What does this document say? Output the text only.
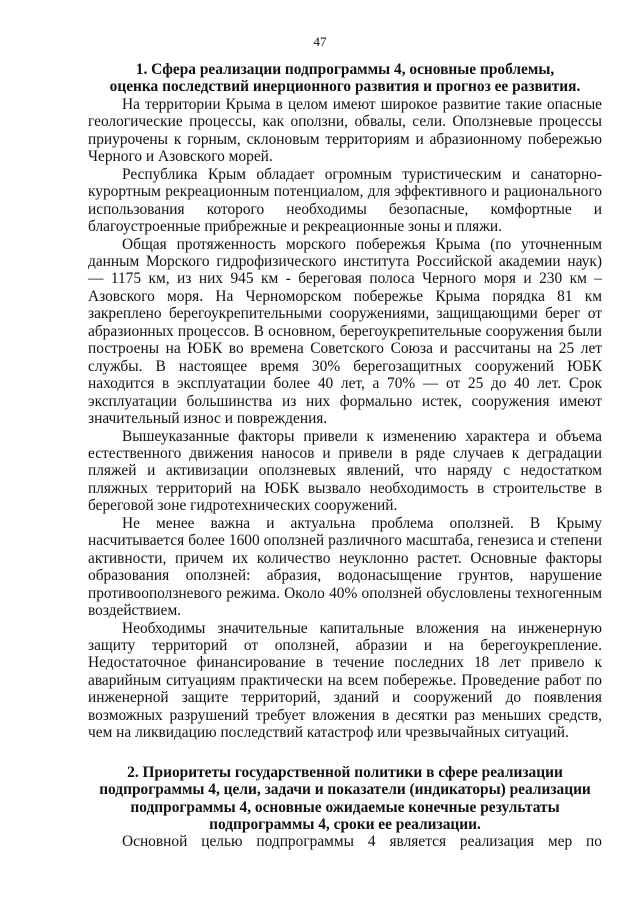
47
1. Сфера реализации подпрограммы 4, основные проблемы,
оценка последствий инерционного развития и прогноз ее развития.

На территории Крыма в целом имеют широкое развитие такие опасные геологические процессы, как оползни, обвалы, сели. Оползневые процессы приурочены к горным, склоновым территориям и абразионному побережью Черного и Азовского морей.

Республика Крым обладает огромным туристическим и санаторно-курортным рекреационным потенциалом, для эффективного и рационального использования которого необходимы безопасные, комфортные и благоустроенные прибрежные и рекреационные зоны и пляжи.

Общая протяженность морского побережья Крыма (по уточненным данным Морского гидрофизического института Российской академии наук) — 1175 км, из них 945 км - береговая полоса Черного моря и 230 км – Азовского моря. На Черноморском побережье Крыма порядка 81 км закреплено берегоукрепительными сооружениями, защищающими берег от абразионных процессов. В основном, берегоукрепительные сооружения были построены на ЮБК во времена Советского Союза и рассчитаны на 25 лет службы. В настоящее время 30% берегозащитных сооружений ЮБК находится в эксплуатации более 40 лет, а 70% — от 25 до 40 лет. Срок эксплуатации большинства из них формально истек, сооружения имеют значительный износ и повреждения.

Вышеуказанные факторы привели к изменению характера и объема естественного движения наносов и привели в ряде случаев к деградации пляжей и активизации оползневых явлений, что наряду с недостатком пляжных территорий на ЮБК вызвало необходимость в строительстве в береговой зоне гидротехнических сооружений.

Не менее важна и актуальна проблема оползней. В Крыму насчитывается более 1600 оползней различного масштаба, генезиса и степени активности, причем их количество неуклонно растет. Основные факторы образования оползней: абразия, водонасыщение грунтов, нарушение противооползневого режима. Около 40% оползней обусловлены техногенным воздействием.

Необходимы значительные капитальные вложения на инженерную защиту территорий от оползней, абразии и на берегоукрепление. Недостаточное финансирование в течение последних 18 лет привело к аварийным ситуациям практически на всем побережье. Проведение работ по инженерной защите территорий, зданий и сооружений до появления возможных разрушений требует вложения в десятки раз меньших средств, чем на ликвидацию последствий катастроф или чрезвычайных ситуаций.

2. Приоритеты государственной политики в сфере реализации
подпрограммы 4, цели, задачи и показатели (индикаторы) реализации
подпрограммы 4, основные ожидаемые конечные результаты
подпрограммы 4, сроки ее реализации.

Основной целью подпрограммы 4 является реализация мер по
